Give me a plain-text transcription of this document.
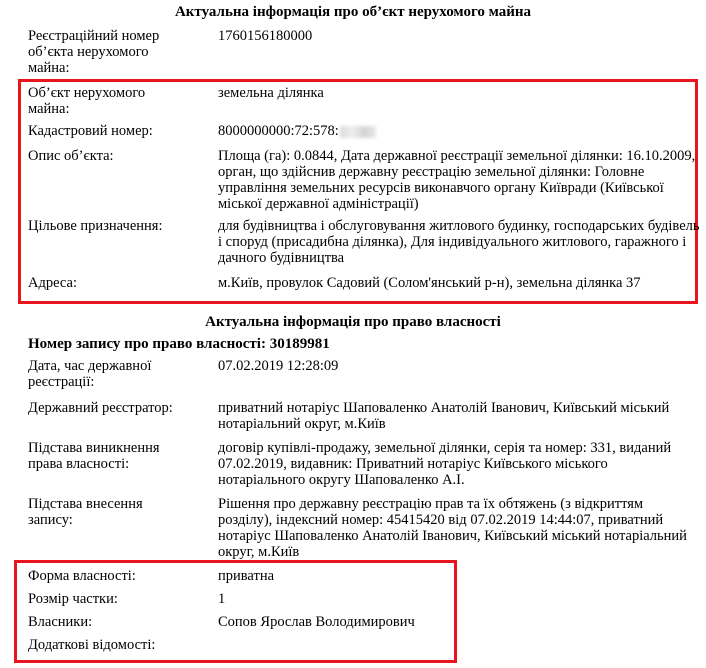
Актуальна інформація про об’єкт нерухомого майна
Реєстраційний номер об’єкта нерухомого майна:
1760156180000
Об’єкт нерухомого майна:
земельна ділянка
Кадастровий номер:	8000000000:72:578:
Опис об’єкта:	Площа (га): 0.0844, Дата державної реєстрації земельної ділянки: 16.10.2009, орган, що здійснив державну реєстрацію земельної ділянки: Головне управління земельних ресурсів виконавчого органу Київради (Київської міської державної адміністрації)
Цільове призначення:	для будівництва і обслуговування житлового будинку, господарських будівель і споруд (присадибна ділянка), Для індивідуального житлового, гаражного і дачного будівництва
Адреса:	м.Київ, провулок Садовий (Солом'янський р-н), земельна ділянка 37
Актуальна інформація про право власності
Номер запису про право власності: 30189981
Дата, час державної реєстрації:
07.02.2019 12:28:09
Державний реєстратор:	приватний нотаріус Шаповаленко Анатолій Іванович, Київський міський нотаріальний округ, м.Київ
Підстава виникнення права власності:
договір купівлі-продажу, земельної ділянки, серія та номер: 331, виданий 07.02.2019, видавник: Приватний нотаріус Київського міського нотаріального округу Шаповаленко А.І.
Підстава внесення запису:
Рішення про державну реєстрацію прав та їх обтяжень (з відкриттям розділу), індексний номер: 45415420 від 07.02.2019 14:44:07, приватний нотаріус Шаповаленко Анатолій Іванович, Київський міський нотаріальний округ, м.Київ
Форма власності:	приватна
Розмір частки:	1
Власники:	Сопов Ярослав Володимирович
Додаткові відомості:
